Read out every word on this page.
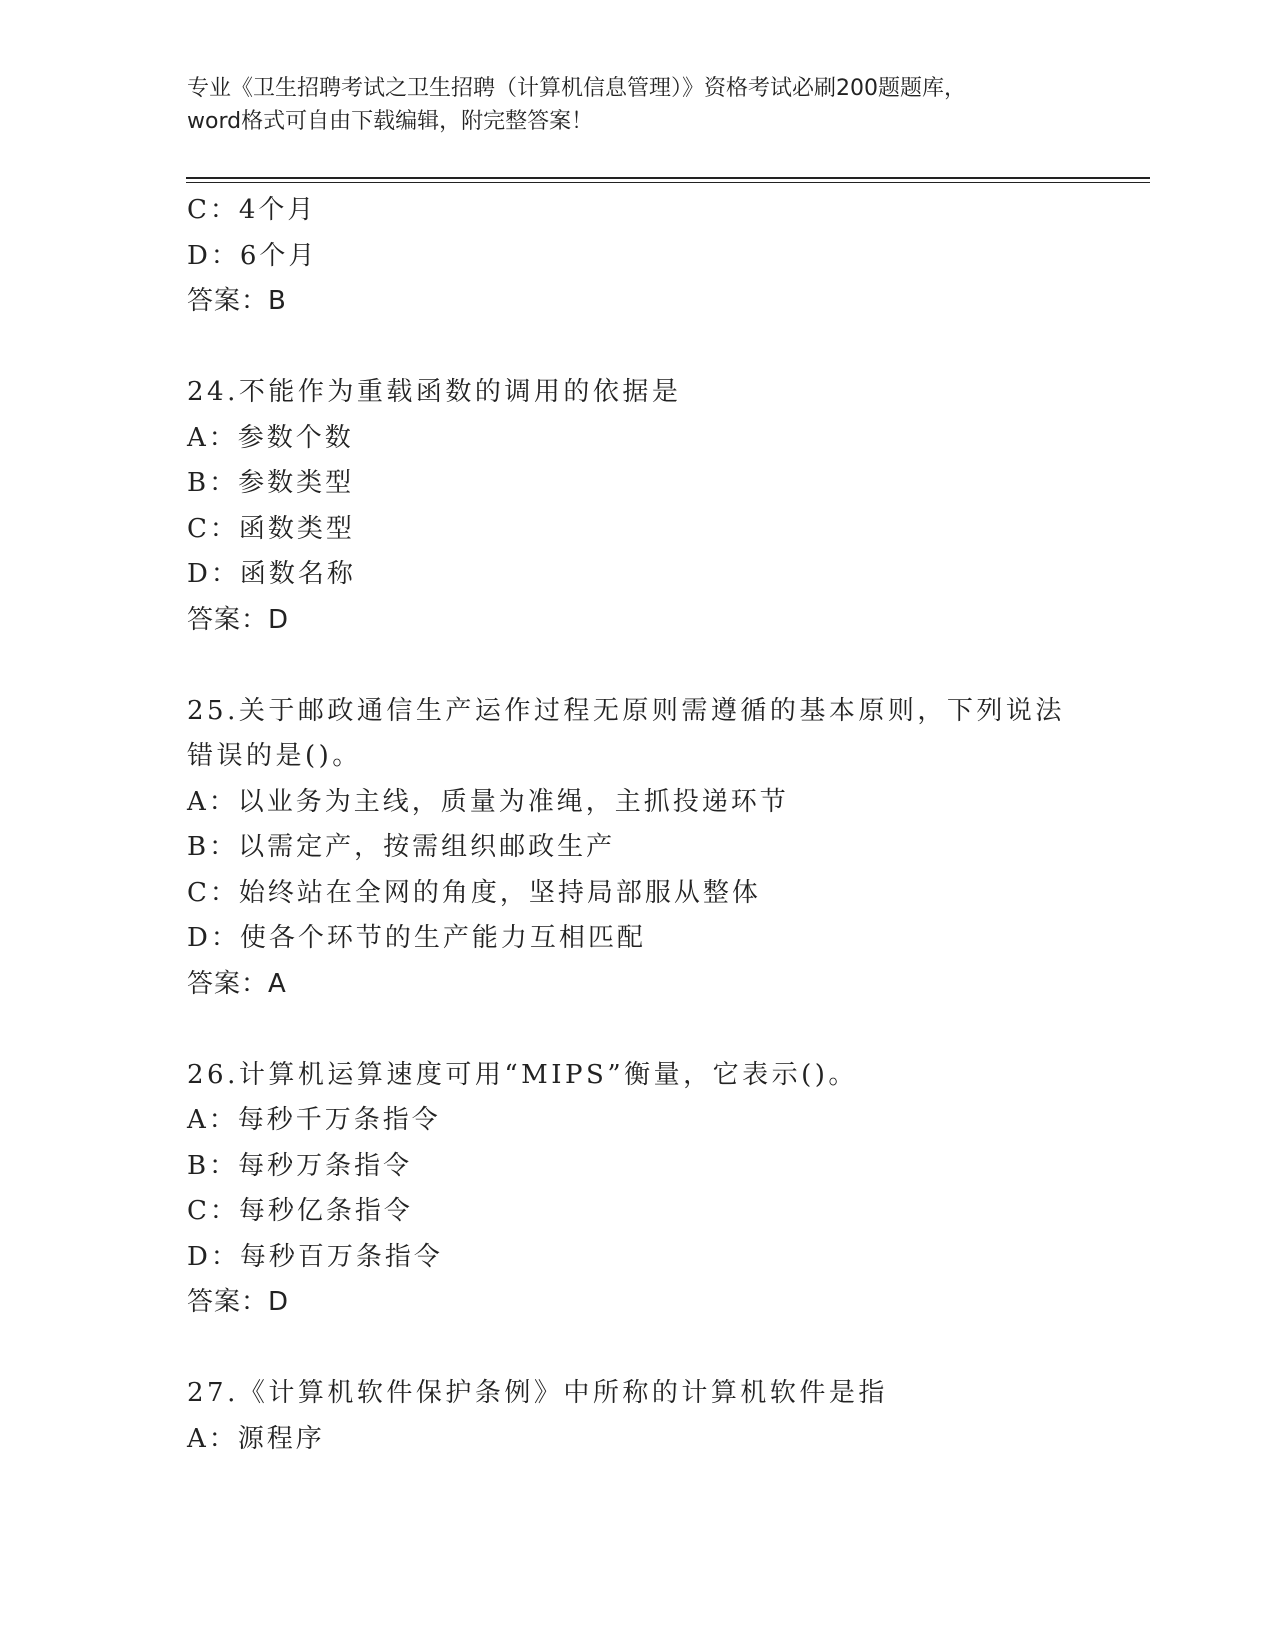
专业《卫生招聘考试之卫生招聘（计算机信息管理）》资格考试必刷200题题库，
word格式可自由下载编辑，附完整答案！
C：4个月
D：6个月
答案：B
24.不能作为重载函数的调用的依据是
A：参数个数
B：参数类型
C：函数类型
D：函数名称
答案：D
25.关于邮政通信生产运作过程无原则需遵循的基本原则，下列说法错误的是()。
A：以业务为主线，质量为准绳，主抓投递环节
B：以需定产，按需组织邮政生产
C：始终站在全网的角度，坚持局部服从整体
D：使各个环节的生产能力互相匹配
答案：A
26.计算机运算速度可用“MIPS”衡量，它表示()。
A：每秒千万条指令
B：每秒万条指令
C：每秒亿条指令
D：每秒百万条指令
答案：D
27.《计算机软件保护条例》中所称的计算机软件是指
A：源程序
